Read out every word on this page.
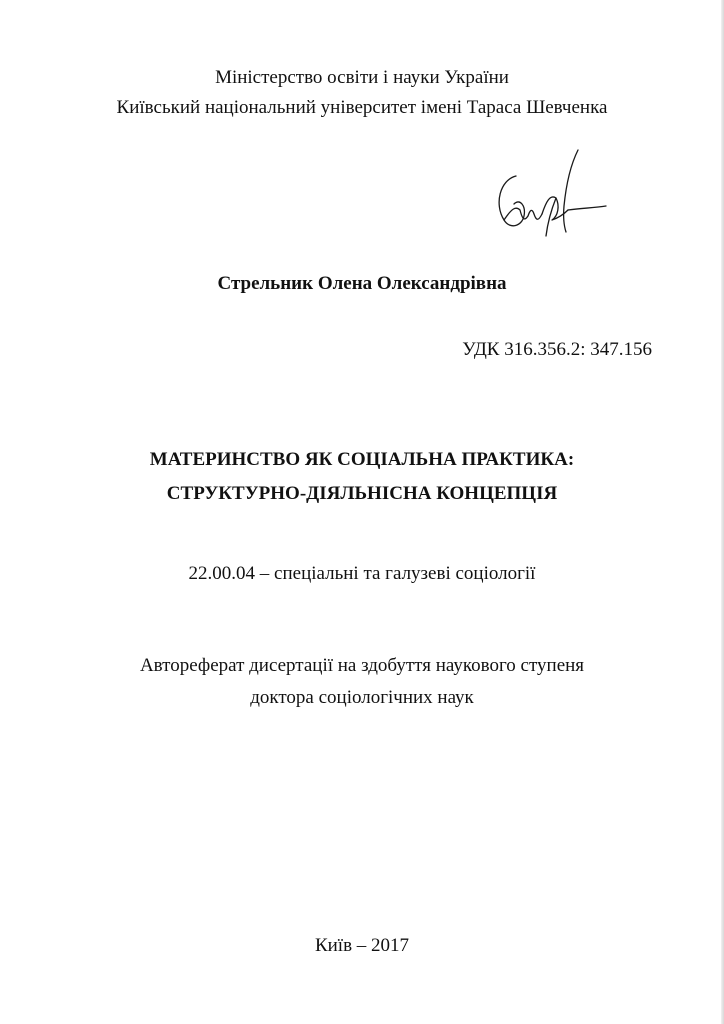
Міністерство освіти і науки України
Київський національний університет імені Тараса Шевченка
Стрельник Олена Олександрівна
УДК 316.356.2: 347.156
МАТЕРИНСТВО ЯК СОЦІАЛЬНА ПРАКТИКА:
СТРУКТУРНО-ДІЯЛЬНІСНА КОНЦЕПЦІЯ
22.00.04 – спеціальні та галузеві соціології
Автореферат дисертації на здобуття наукового ступеня
доктора соціологічних наук
Київ – 2017
